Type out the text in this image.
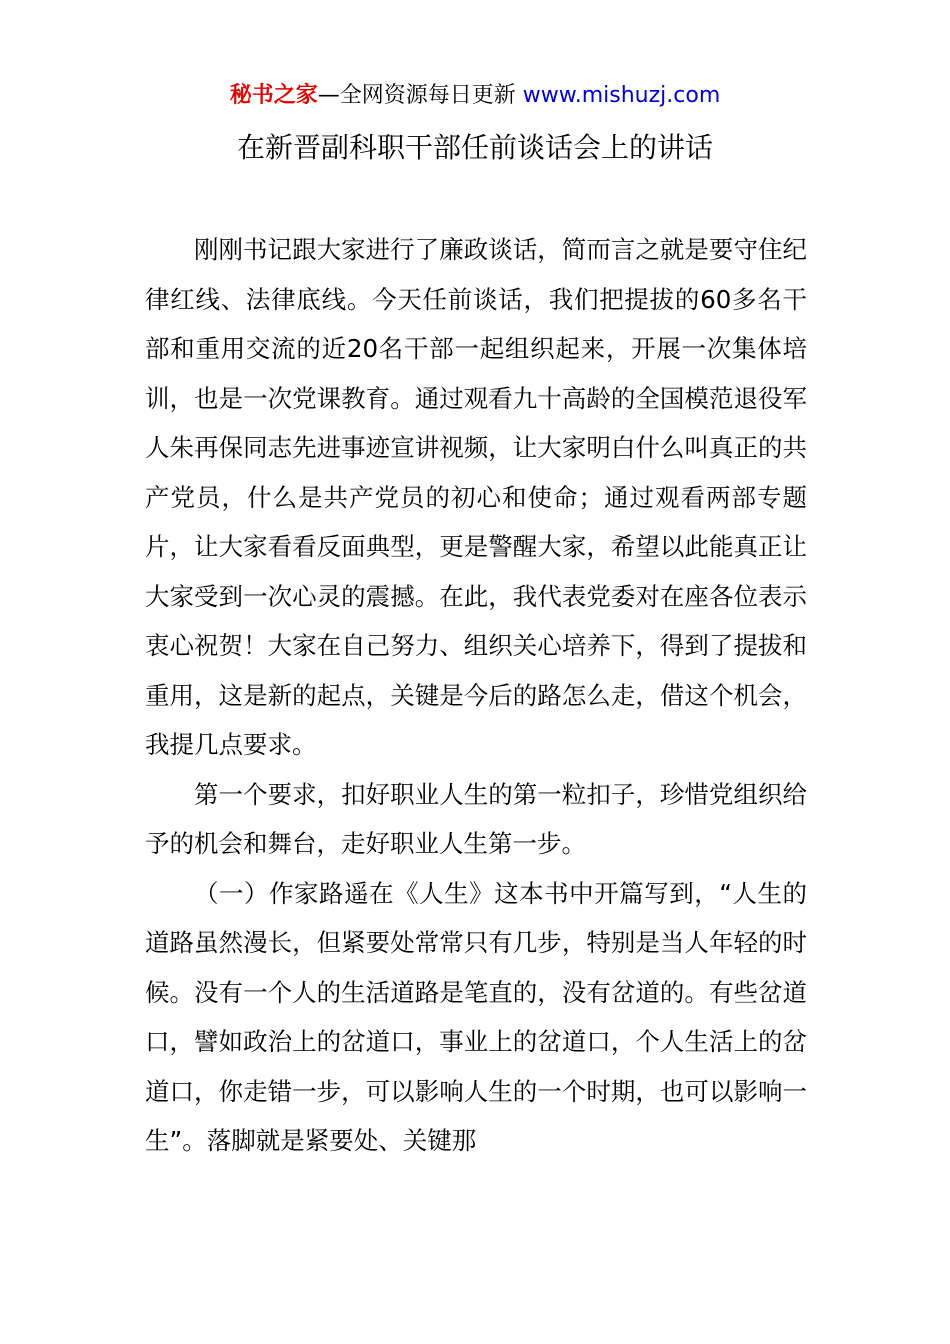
秘书之家—全网资源每日更新 www.mishuzj.com
在新晋副科职干部任前谈话会上的讲话

刚刚书记跟大家进行了廉政谈话，简而言之就是要守住纪律红线、法律底线。今天任前谈话，我们把提拔的60多名干部和重用交流的近20名干部一起组织起来，开展一次集体培训，也是一次党课教育。通过观看九十高龄的全国模范退役军人朱再保同志先进事迹宣讲视频，让大家明白什么叫真正的共产党员，什么是共产党员的初心和使命；通过观看两部专题片，让大家看看反面典型，更是警醒大家，希望以此能真正让大家受到一次心灵的震撼。在此，我代表党委对在座各位表示衷心祝贺！大家在自己努力、组织关心培养下，得到了提拔和重用，这是新的起点，关键是今后的路怎么走，借这个机会，我提几点要求。

第一个要求，扣好职业人生的第一粒扣子，珍惜党组织给予的机会和舞台，走好职业人生第一步。

（一）作家路遥在《人生》这本书中开篇写到，“人生的道路虽然漫长，但紧要处常常只有几步，特别是当人年轻的时候。没有一个人的生活道路是笔直的，没有岔道的。有些岔道口，譬如政治上的岔道口，事业上的岔道口，个人生活上的岔道口，你走错一步，可以影响人生的一个时期，也可以影响一生”。落脚就是紧要处、关键那
